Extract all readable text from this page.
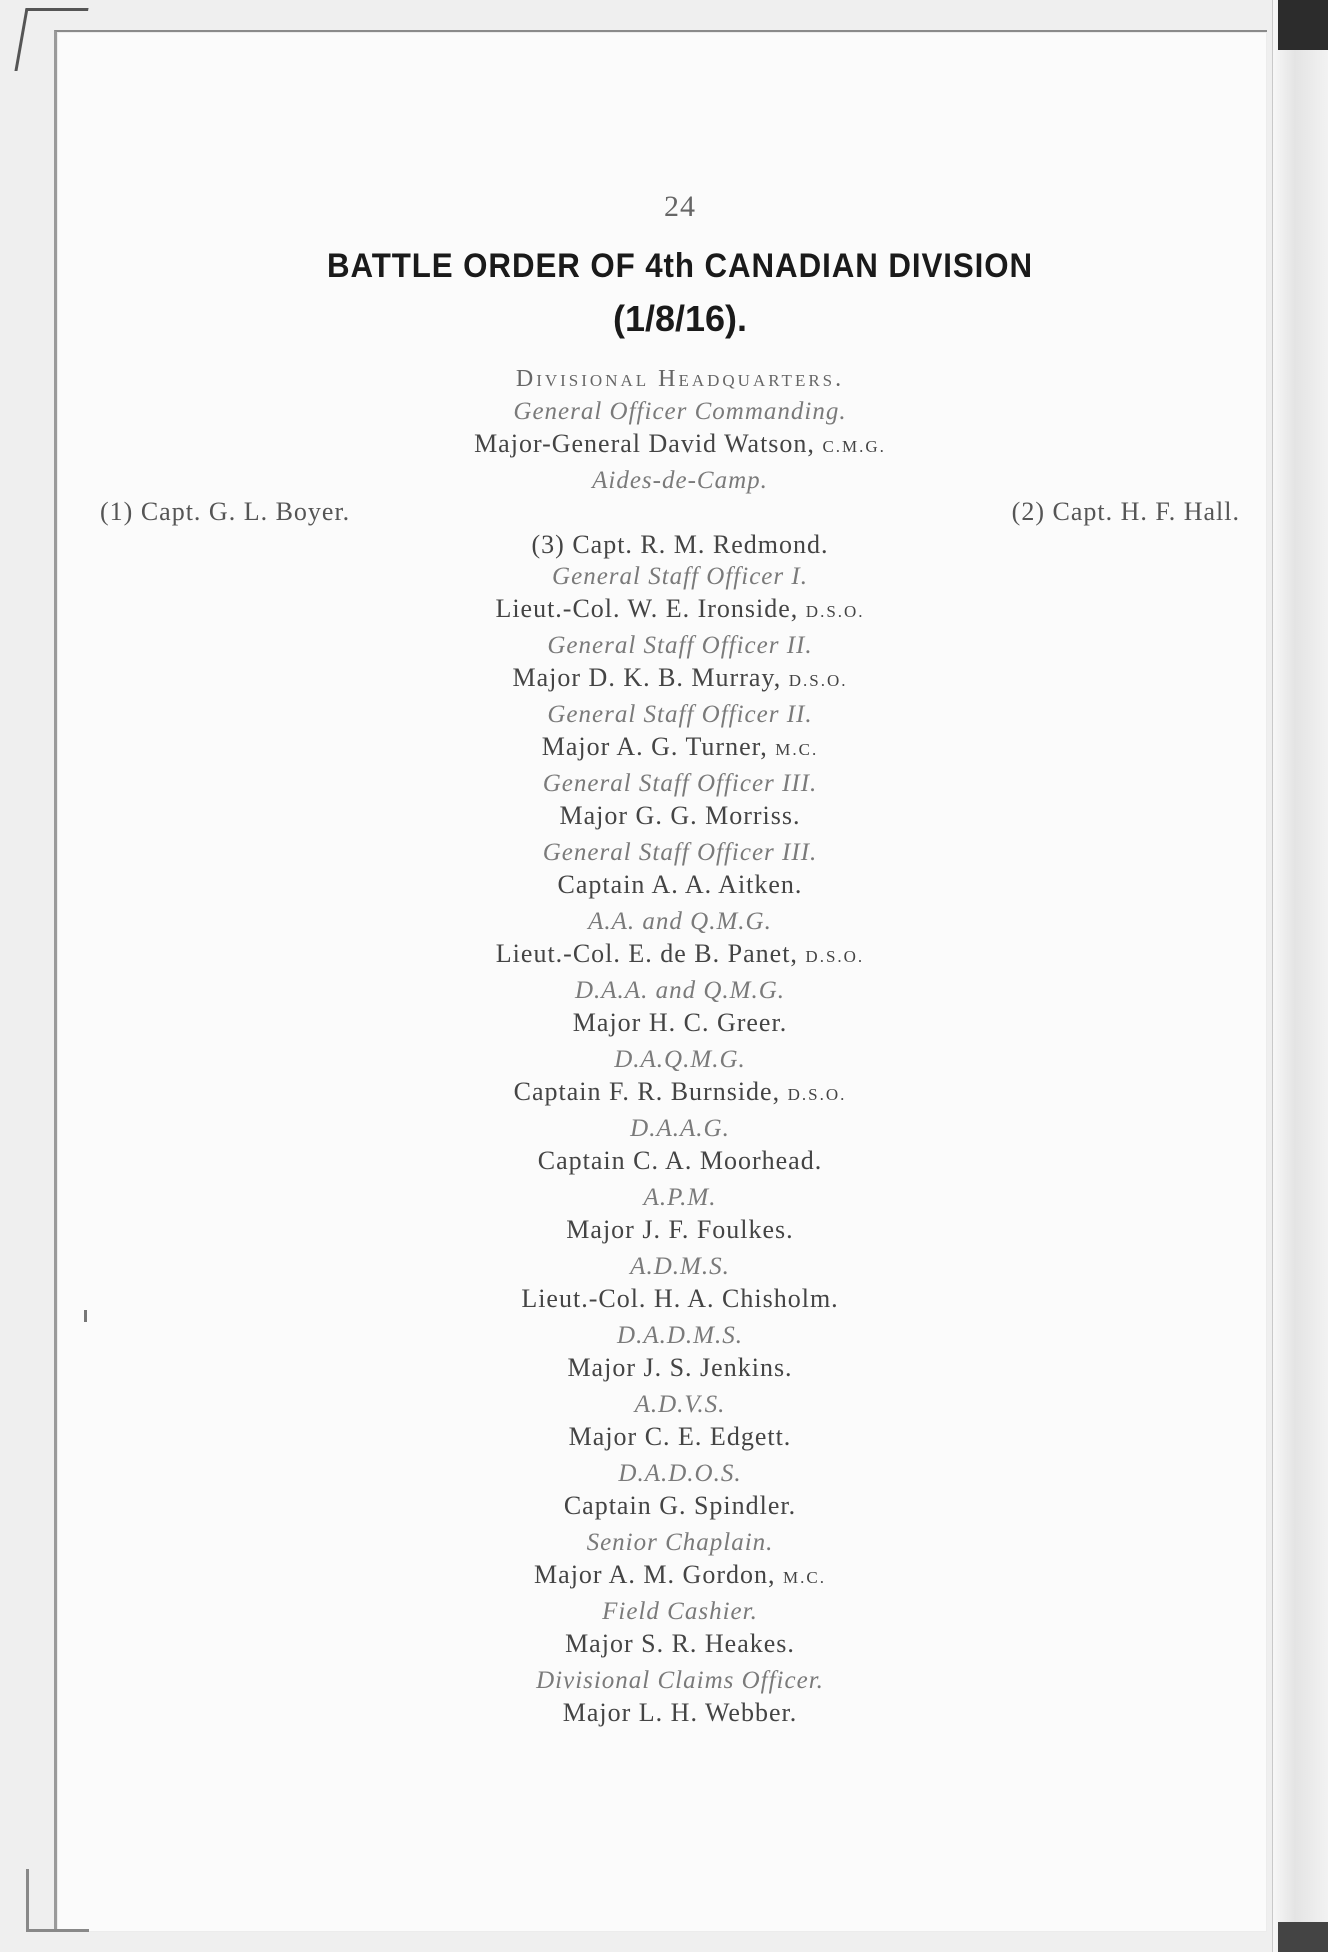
24
BATTLE ORDER OF 4th CANADIAN DIVISION
(1/8/16).
Divisional Headquarters.
General Officer Commanding.
Major-General David Watson, C.M.G.
Aides-de-Camp.
(1) Capt. G. L. Boyer.	(2) Capt. H. F. Hall.
(3) Capt. R. M. Redmond.
General Staff Officer I.
Lieut.-Col. W. E. Ironside, D.S.O.
General Staff Officer II.
Major D. K. B. Murray, D.S.O.
General Staff Officer II.
Major A. G. Turner, M.C.
General Staff Officer III.
Major G. G. Morriss.
General Staff Officer III.
Captain A. A. Aitken.
A.A. and Q.M.G.
Lieut.-Col. E. de B. Panet, D.S.O.
D.A.A. and Q.M.G.
Major H. C. Greer.
D.A.Q.M.G.
Captain F. R. Burnside, D.S.O.
D.A.A.G.
Captain C. A. Moorhead.
A.P.M.
Major J. F. Foulkes.
A.D.M.S.
Lieut.-Col. H. A. Chisholm.
D.A.D.M.S.
Major J. S. Jenkins.
A.D.V.S.
Major C. E. Edgett.
D.A.D.O.S.
Captain G. Spindler.
Senior Chaplain.
Major A. M. Gordon, M.C.
Field Cashier.
Major S. R. Heakes.
Divisional Claims Officer.
Major L. H. Webber.
